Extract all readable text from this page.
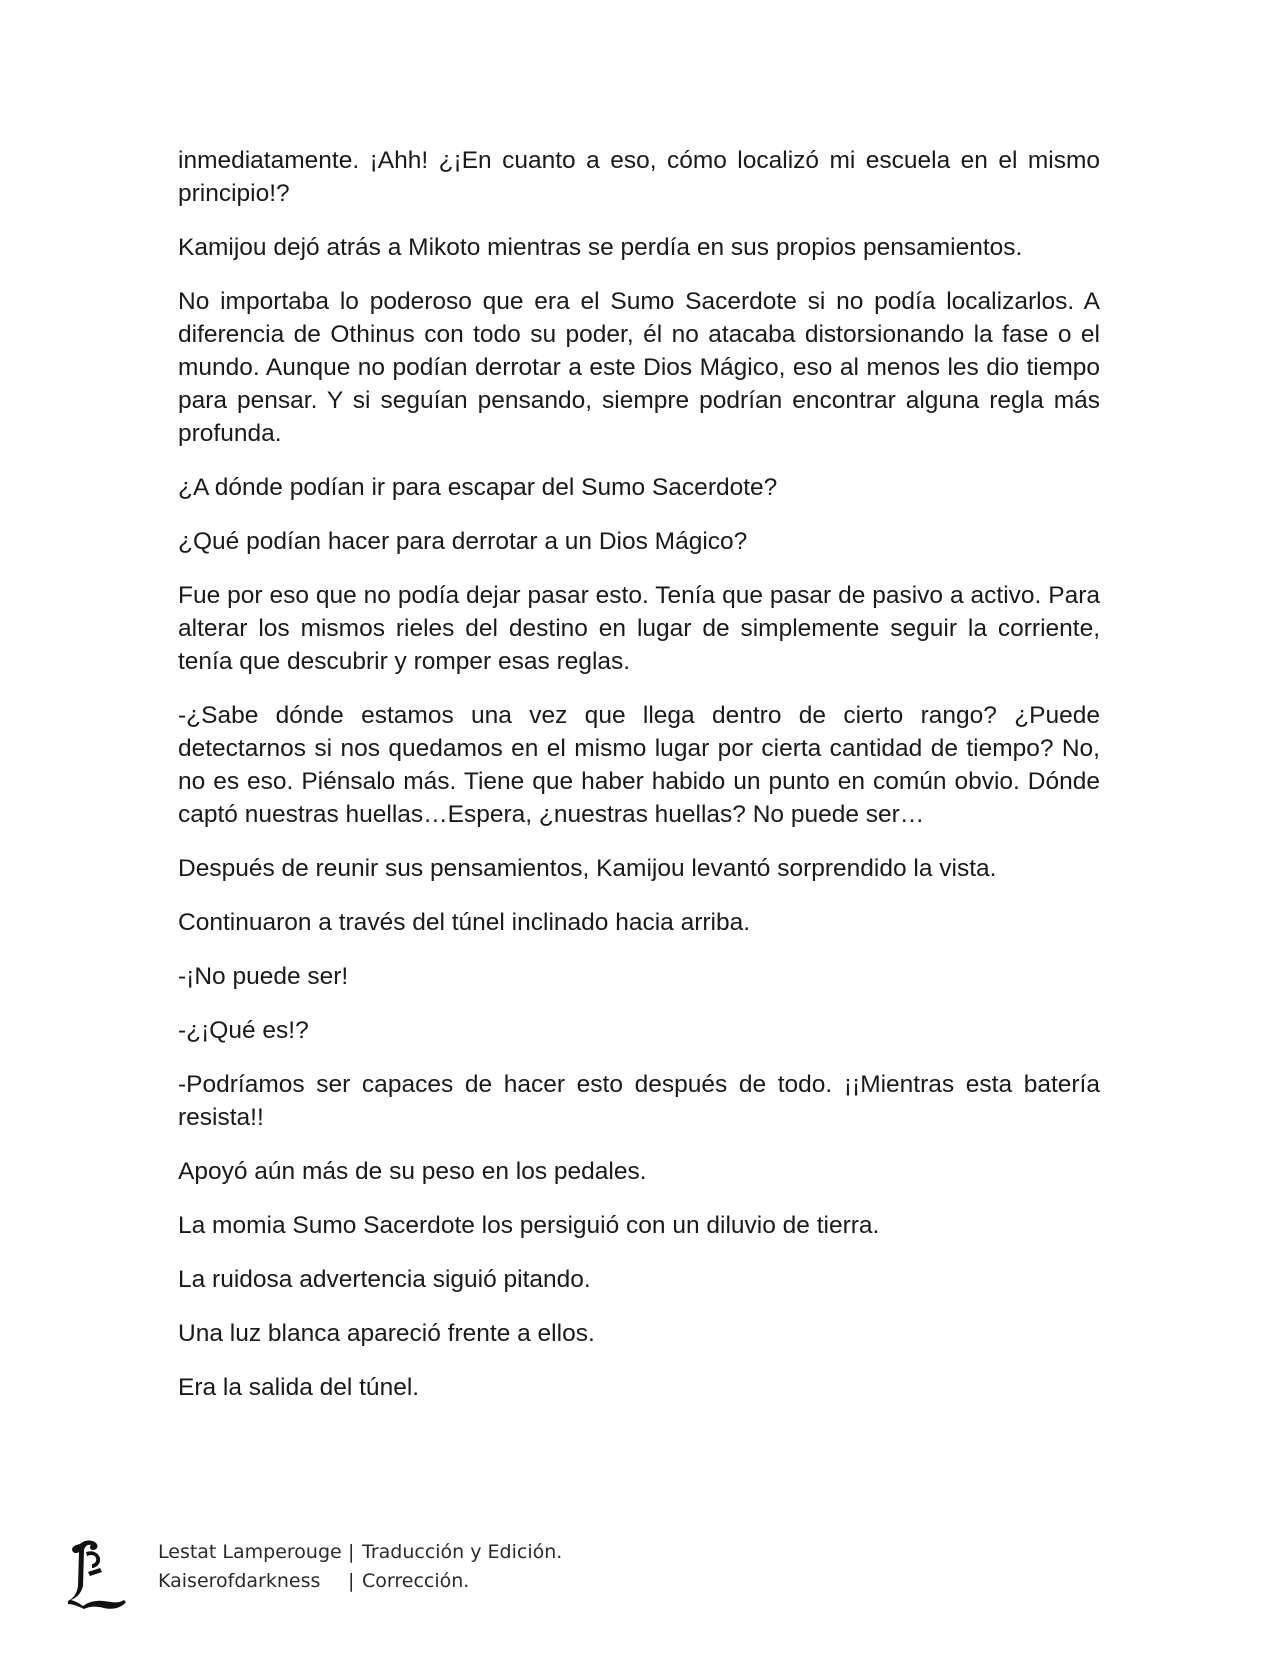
inmediatamente. ¡Ahh! ¿¡En cuanto a eso, cómo localizó mi escuela en el mismo principio!?

Kamijou dejó atrás a Mikoto mientras se perdía en sus propios pensamientos.

No importaba lo poderoso que era el Sumo Sacerdote si no podía localizarlos. A diferencia de Othinus con todo su poder, él no atacaba distorsionando la fase o el mundo. Aunque no podían derrotar a este Dios Mágico, eso al menos les dio tiempo para pensar. Y si seguían pensando, siempre podrían encontrar alguna regla más profunda.

¿A dónde podían ir para escapar del Sumo Sacerdote?

¿Qué podían hacer para derrotar a un Dios Mágico?

Fue por eso que no podía dejar pasar esto. Tenía que pasar de pasivo a activo. Para alterar los mismos rieles del destino en lugar de simplemente seguir la corriente, tenía que descubrir y romper esas reglas.

-¿Sabe dónde estamos una vez que llega dentro de cierto rango? ¿Puede detectarnos si nos quedamos en el mismo lugar por cierta cantidad de tiempo? No, no es eso. Piénsalo más. Tiene que haber habido un punto en común obvio. Dónde captó nuestras huellas…Espera, ¿nuestras huellas? No puede ser…

Después de reunir sus pensamientos, Kamijou levantó sorprendido la vista.

Continuaron a través del túnel inclinado hacia arriba.

-¡No puede ser!

-¿¡Qué es!?

-Podríamos ser capaces de hacer esto después de todo. ¡¡Mientras esta batería resista!!

Apoyó aún más de su peso en los pedales.

La momia Sumo Sacerdote los persiguió con un diluvio de tierra.

La ruidosa advertencia siguió pitando.

Una luz blanca apareció frente a ellos.

Era la salida del túnel.

Lestat Lamperouge | Traducción y Edición.
Kaiserofdarkness	| Corrección.
